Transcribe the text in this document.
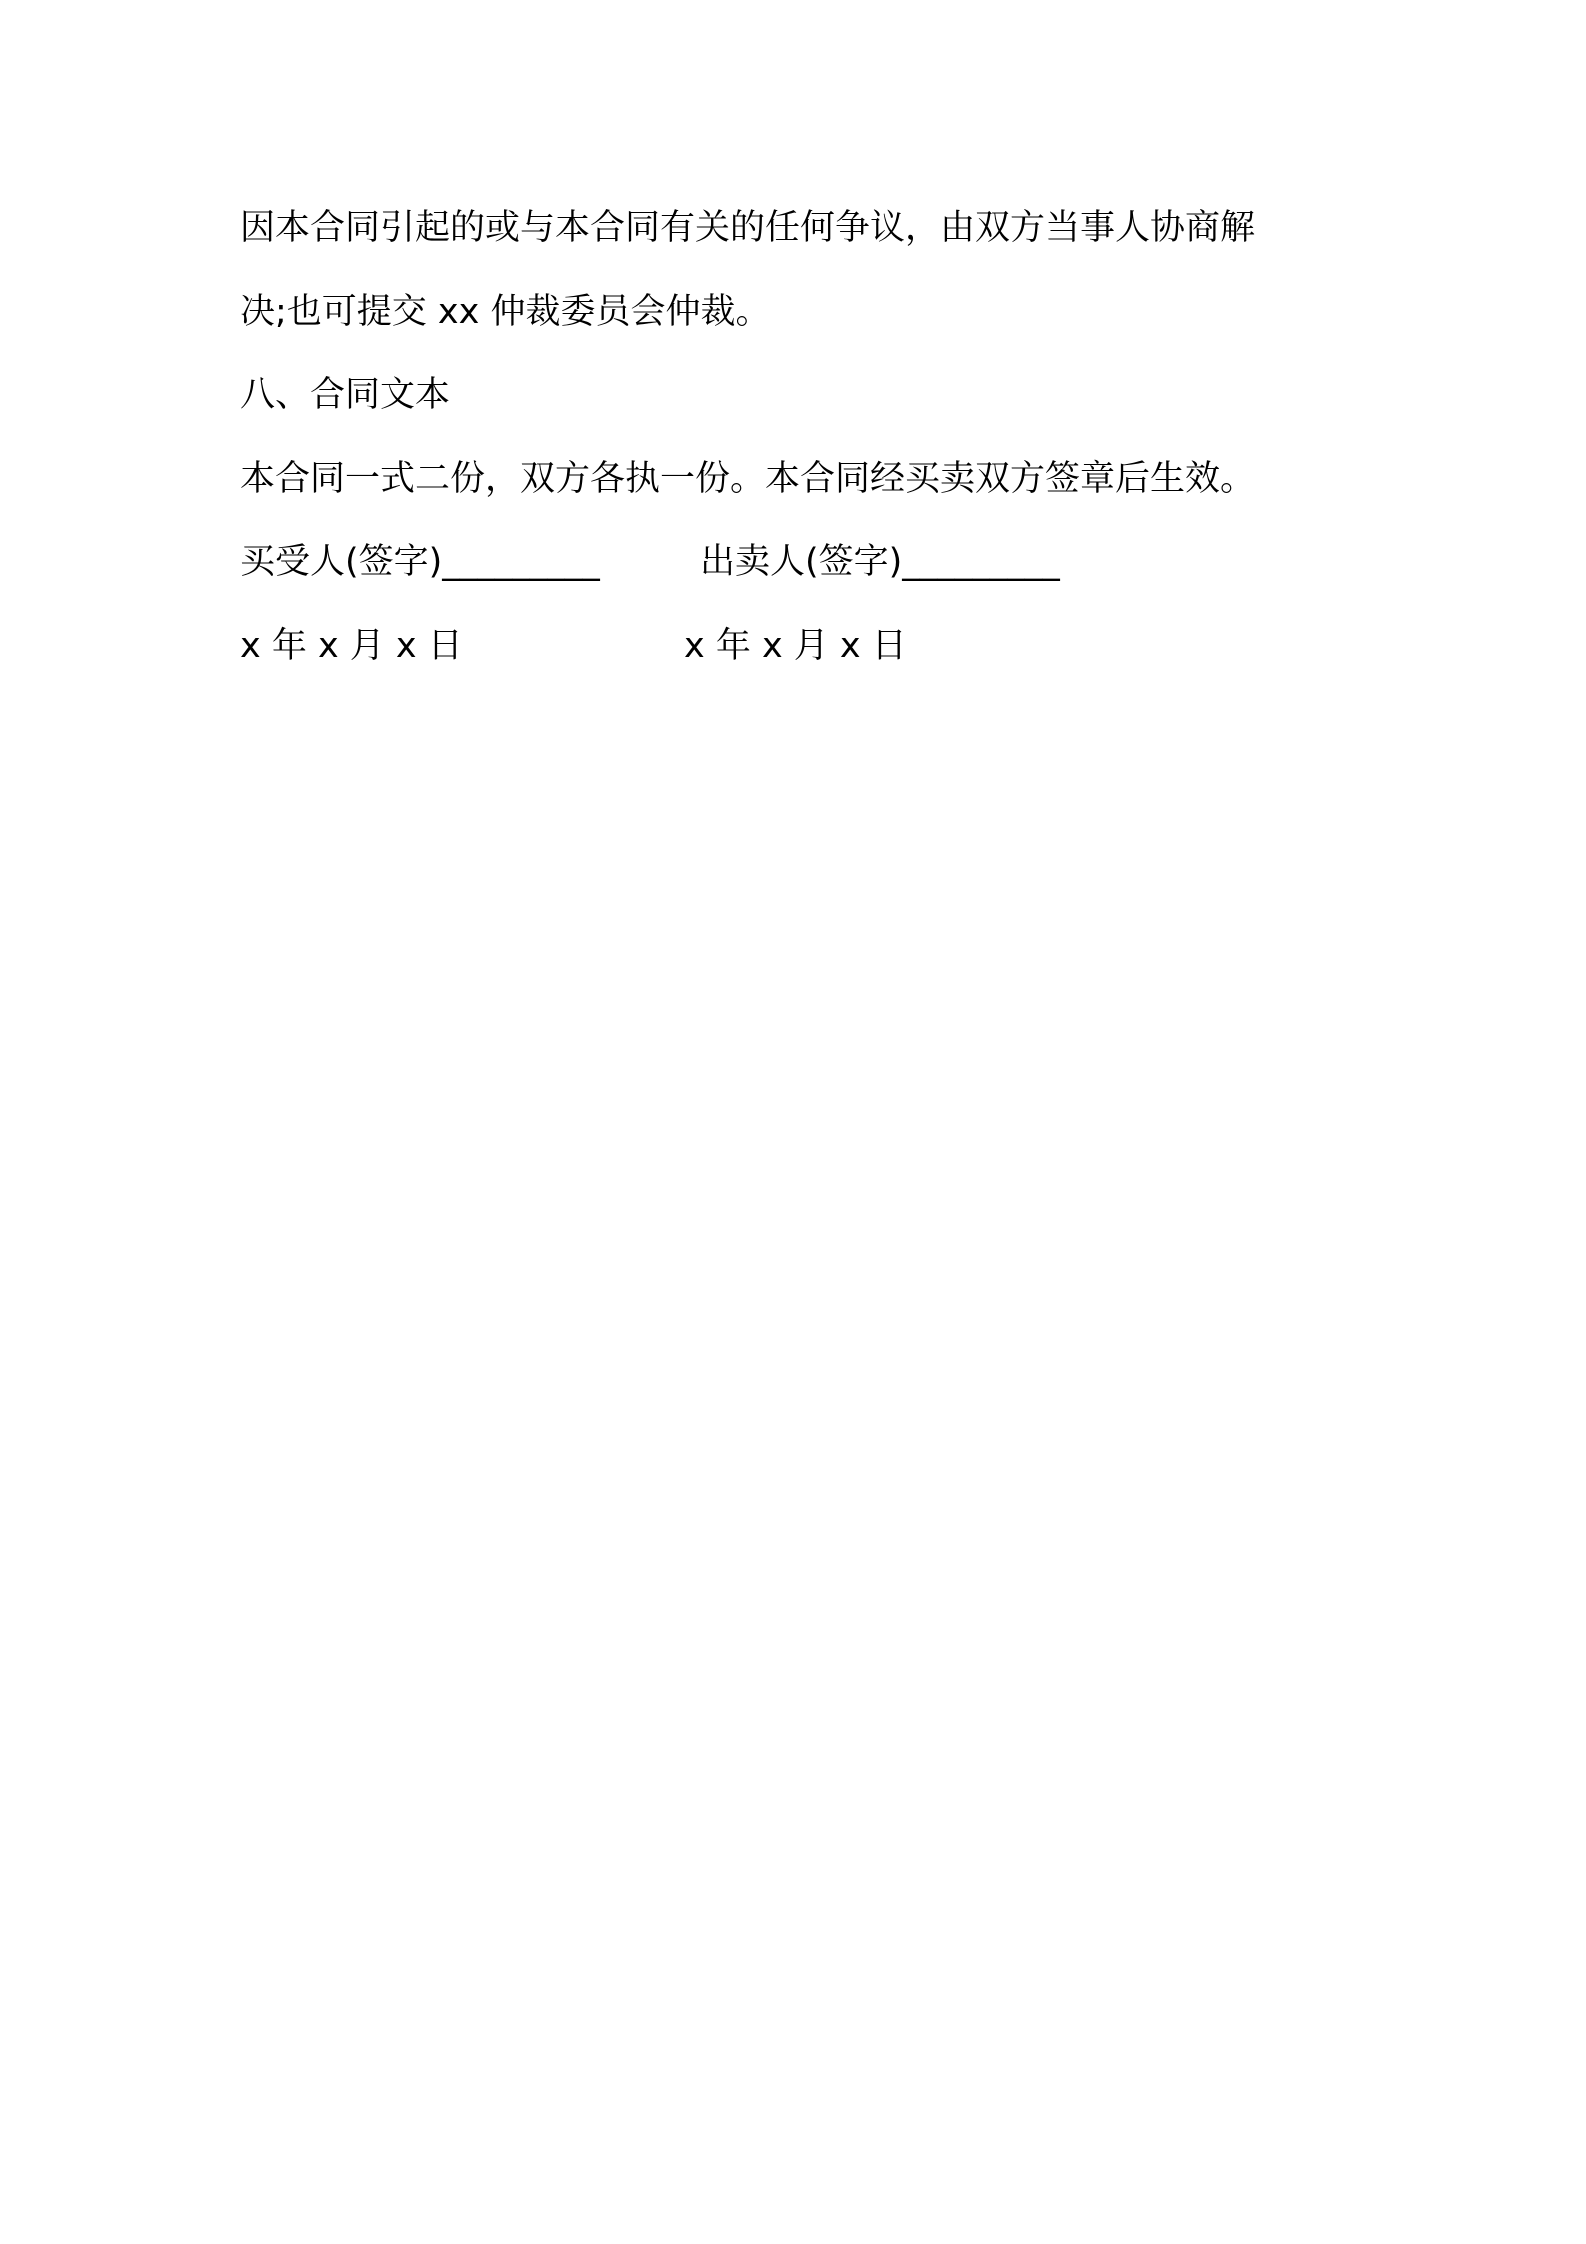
因本合同引起的或与本合同有关的任何争议，由双方当事人协商解
决;也可提交 xx 仲裁委员会仲裁。
八、合同文本
本合同一式二份，双方各执一份。本合同经买卖双方签章后生效。
买受人(签字)_________	出卖人(签字)_________
x 年 x 月 x 日	x 年 x 月 x 日
